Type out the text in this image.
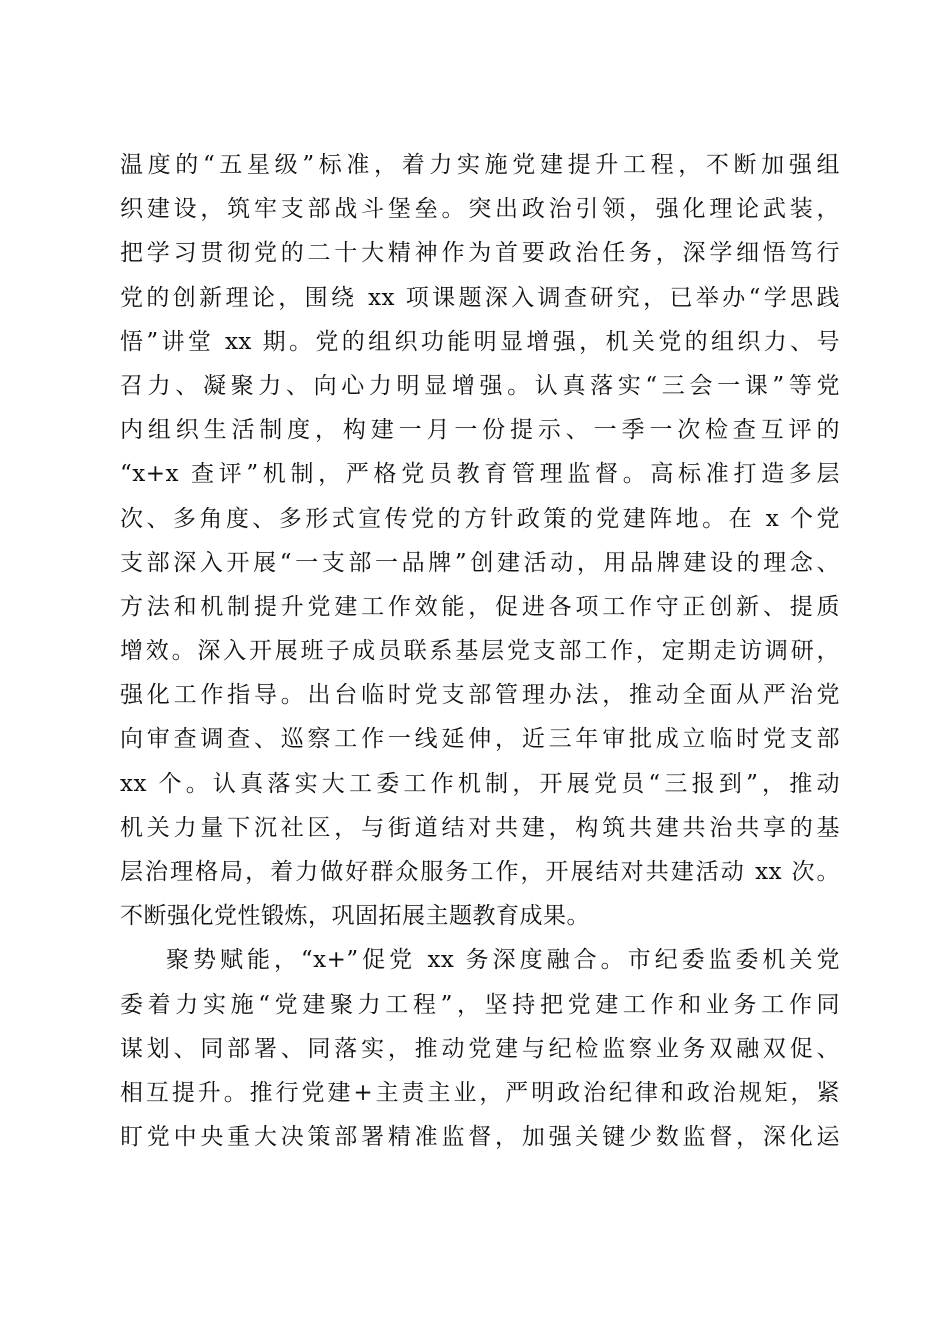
温度的“五星级”标准，着力实施党建提升工程，不断加强组
织建设，筑牢支部战斗堡垒。突出政治引领，强化理论武装，
把学习贯彻党的二十大精神作为首要政治任务，深学细悟笃行
党的创新理论，围绕 xx 项课题深入调查研究，已举办“学思践
悟”讲堂 xx 期。党的组织功能明显增强，机关党的组织力、号
召力、凝聚力、向心力明显增强。认真落实“三会一课”等党
内组织生活制度，构建一月一份提示、一季一次检查互评的
“x+x 查评”机制，严格党员教育管理监督。高标准打造多层
次、多角度、多形式宣传党的方针政策的党建阵地。在 x 个党
支部深入开展“一支部一品牌”创建活动，用品牌建设的理念、
方法和机制提升党建工作效能，促进各项工作守正创新、提质
增效。深入开展班子成员联系基层党支部工作，定期走访调研，
强化工作指导。出台临时党支部管理办法，推动全面从严治党
向审查调查、巡察工作一线延伸，近三年审批成立临时党支部
xx 个。认真落实大工委工作机制，开展党员“三报到”，推动
机关力量下沉社区，与街道结对共建，构筑共建共治共享的基
层治理格局，着力做好群众服务工作，开展结对共建活动 xx 次。
不断强化党性锻炼，巩固拓展主题教育成果。
聚势赋能，“x+”促党 xx 务深度融合。市纪委监委机关党
委着力实施“党建聚力工程”，坚持把党建工作和业务工作同
谋划、同部署、同落实，推动党建与纪检监察业务双融双促、
相互提升。推行党建+主责主业，严明政治纪律和政治规矩，紧
盯党中央重大决策部署精准监督，加强关键少数监督，深化运
